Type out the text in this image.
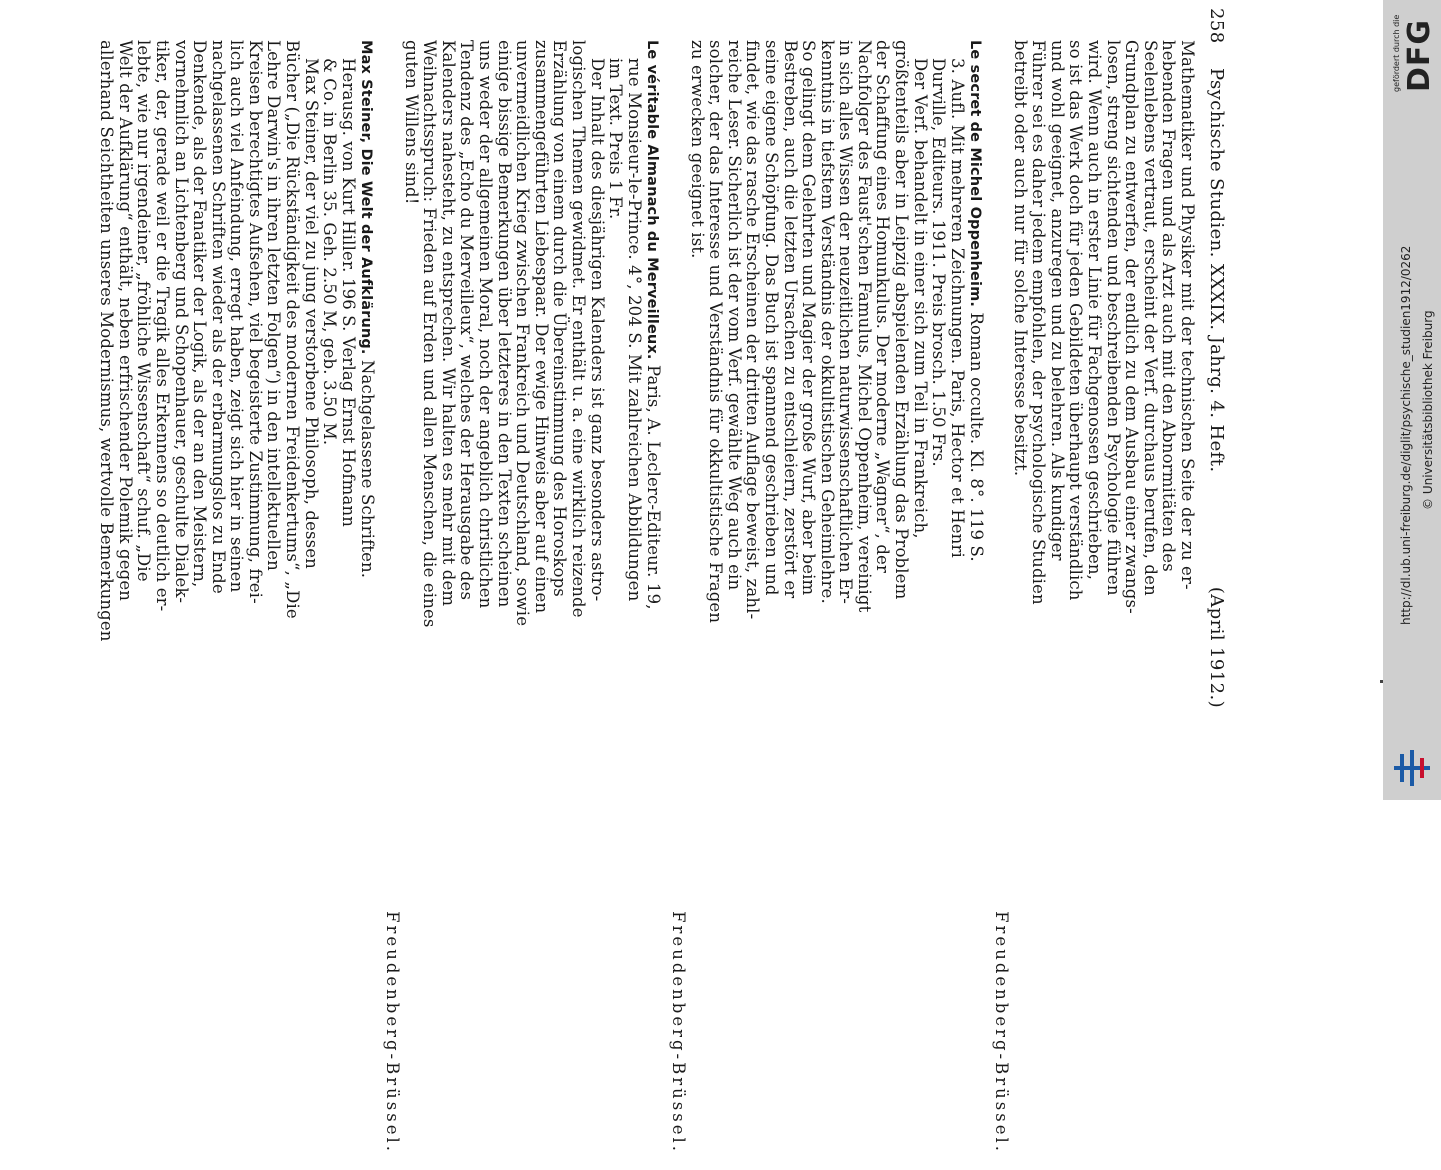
258
Psychische Studien. XXXIX. Jahrg. 4. Heft.
(April 1912.)
Mathematiker und Physiker mit der technischen Seite der zu er-
hebenden Fragen und als Arzt auch mit den Abnormitäten des
Seelenlebens vertraut, erscheint der Verf. durchaus berufen, den
Grundplan zu entwerfen, der endlich zu dem Ausbau einer zwangs-
losen, streng sichtenden und beschreibenden Psychologie führen
wird. Wenn auch in erster Linie für Fachgenossen geschrieben,
so ist das Werk doch für jeden Gebildeten überhaupt verständlich
und wohl geeignet, anzuregen und zu belehren. Als kundiger
Führer sei es daher jedem empfohlen, der psychologische Studien
betreibt oder auch nur für solche Interesse besitzt.
Freudenberg-Brüssel.
Le secret de Michel Oppenheim. Roman occulte. Kl. 8°. 119 S.
3. Aufl. Mit mehreren Zeichnungen. Paris, Hector et Henri
Durville, Editeurs. 1911. Preis brosch. 1.50 Frs.
Der Verf. behandelt in einer sich zum Teil in Frankreich,
größtenteils aber in Leipzig abspielenden Erzählung das Problem
der Schaffung eines Homunkulus. Der moderne „Wagner“, der
Nachfolger des Faust'schen Famulus, Michel Oppenheim, vereinigt
in sich alles Wissen der neuzeitlichen naturwissenschaftlichen Er-
kenntnis in tiefstem Verständnis der okkultistischen Geheimlehre.
So gelingt dem Gelehrten und Magier der große Wurf, aber beim
Bestreben, auch die letzten Ursachen zu entschleiern, zerstört er
seine eigene Schöpfung. Das Buch ist spannend geschrieben und
findet, wie das rasche Erscheinen der dritten Auflage beweist, zahl-
reiche Leser. Sicherlich ist der vom Verf. gewählte Weg auch ein
solcher, der das Interesse und Verständnis für okkultistische Fragen
zu erwecken geeignet ist.
Freudenberg-Brüssel.
Le véritable Almanach du Merveilleux. Paris, A. Leclerc-Editeur. 19,
rue Monsieur-le-Prince. 4°, 204 S. Mit zahlreichen Abbildungen
im Text. Preis 1 Fr.
Der Inhalt des diesjährigen Kalenders ist ganz besonders astro-
logischen Themen gewidmet. Er enthält u. a. eine wirklich reizende
Erzählung von einem durch die Übereinstimmung des Horoskops
zusammengeführten Liebespaar. Der ewige Hinweis aber auf einen
unvermeidlichen Krieg zwischen Frankreich und Deutschland, sowie
einige bissige Bemerkungen über letzteres in den Texten scheinen
uns weder der allgemeinen Moral, noch der angeblich christlichen
Tendenz des „Echo du Merveilleux“, welches der Herausgabe des
Kalenders nahesteht, zu entsprechen. Wir halten es mehr mit dem
Weihnachtsspruch: Frieden auf Erden und allen Menschen, die eines
guten Willens sind!
Freudenberg-Brüssel.
Max Steiner, Die Welt der Aufklärung. Nachgelassene Schriften.
Herausg. von Kurt Hiller. 196 S. Verlag Ernst Hofmann
& Co. in Berlin 35. Geh. 2.50 M, geb. 3.50 M.
Max Steiner, der viel zu jung verstorbene Philosoph, dessen
Bücher („Die Rückständigkeit des modernen Freidenkertums“, „Die
Lehre Darwin's in ihren letzten Folgen“) in den intellektuellen
Kreisen berechtigtes Aufsehen, viel begeisterte Zustimmung, frei-
lich auch viel Anfeindung, erregt haben, zeigt sich hier in seinen
nachgelassenen Schriften wieder als der erbarmungslos zu Ende
Denkende, als der Fanatiker der Logik, als der an den Meistern,
vornehmlich an Lichtenberg und Schopenhauer, geschulte Dialek-
tiker, der, gerade weil er die Tragik alles Erkennens so deutlich er-
lebte, wie nur irgendeiner, „fröhliche Wissenschaft“ schuf. „Die
Welt der Aufklärung“ enthält, neben erfrischender Polemik gegen
allerhand Seichtheiten unseres Modernismus, wertvolle Bemerkungen	http://dl.ub.uni-freiburg.de/diglit/psychische_studien1912/0262 © Universitätsbibliothek Freiburg
gefördert durch die DFG
